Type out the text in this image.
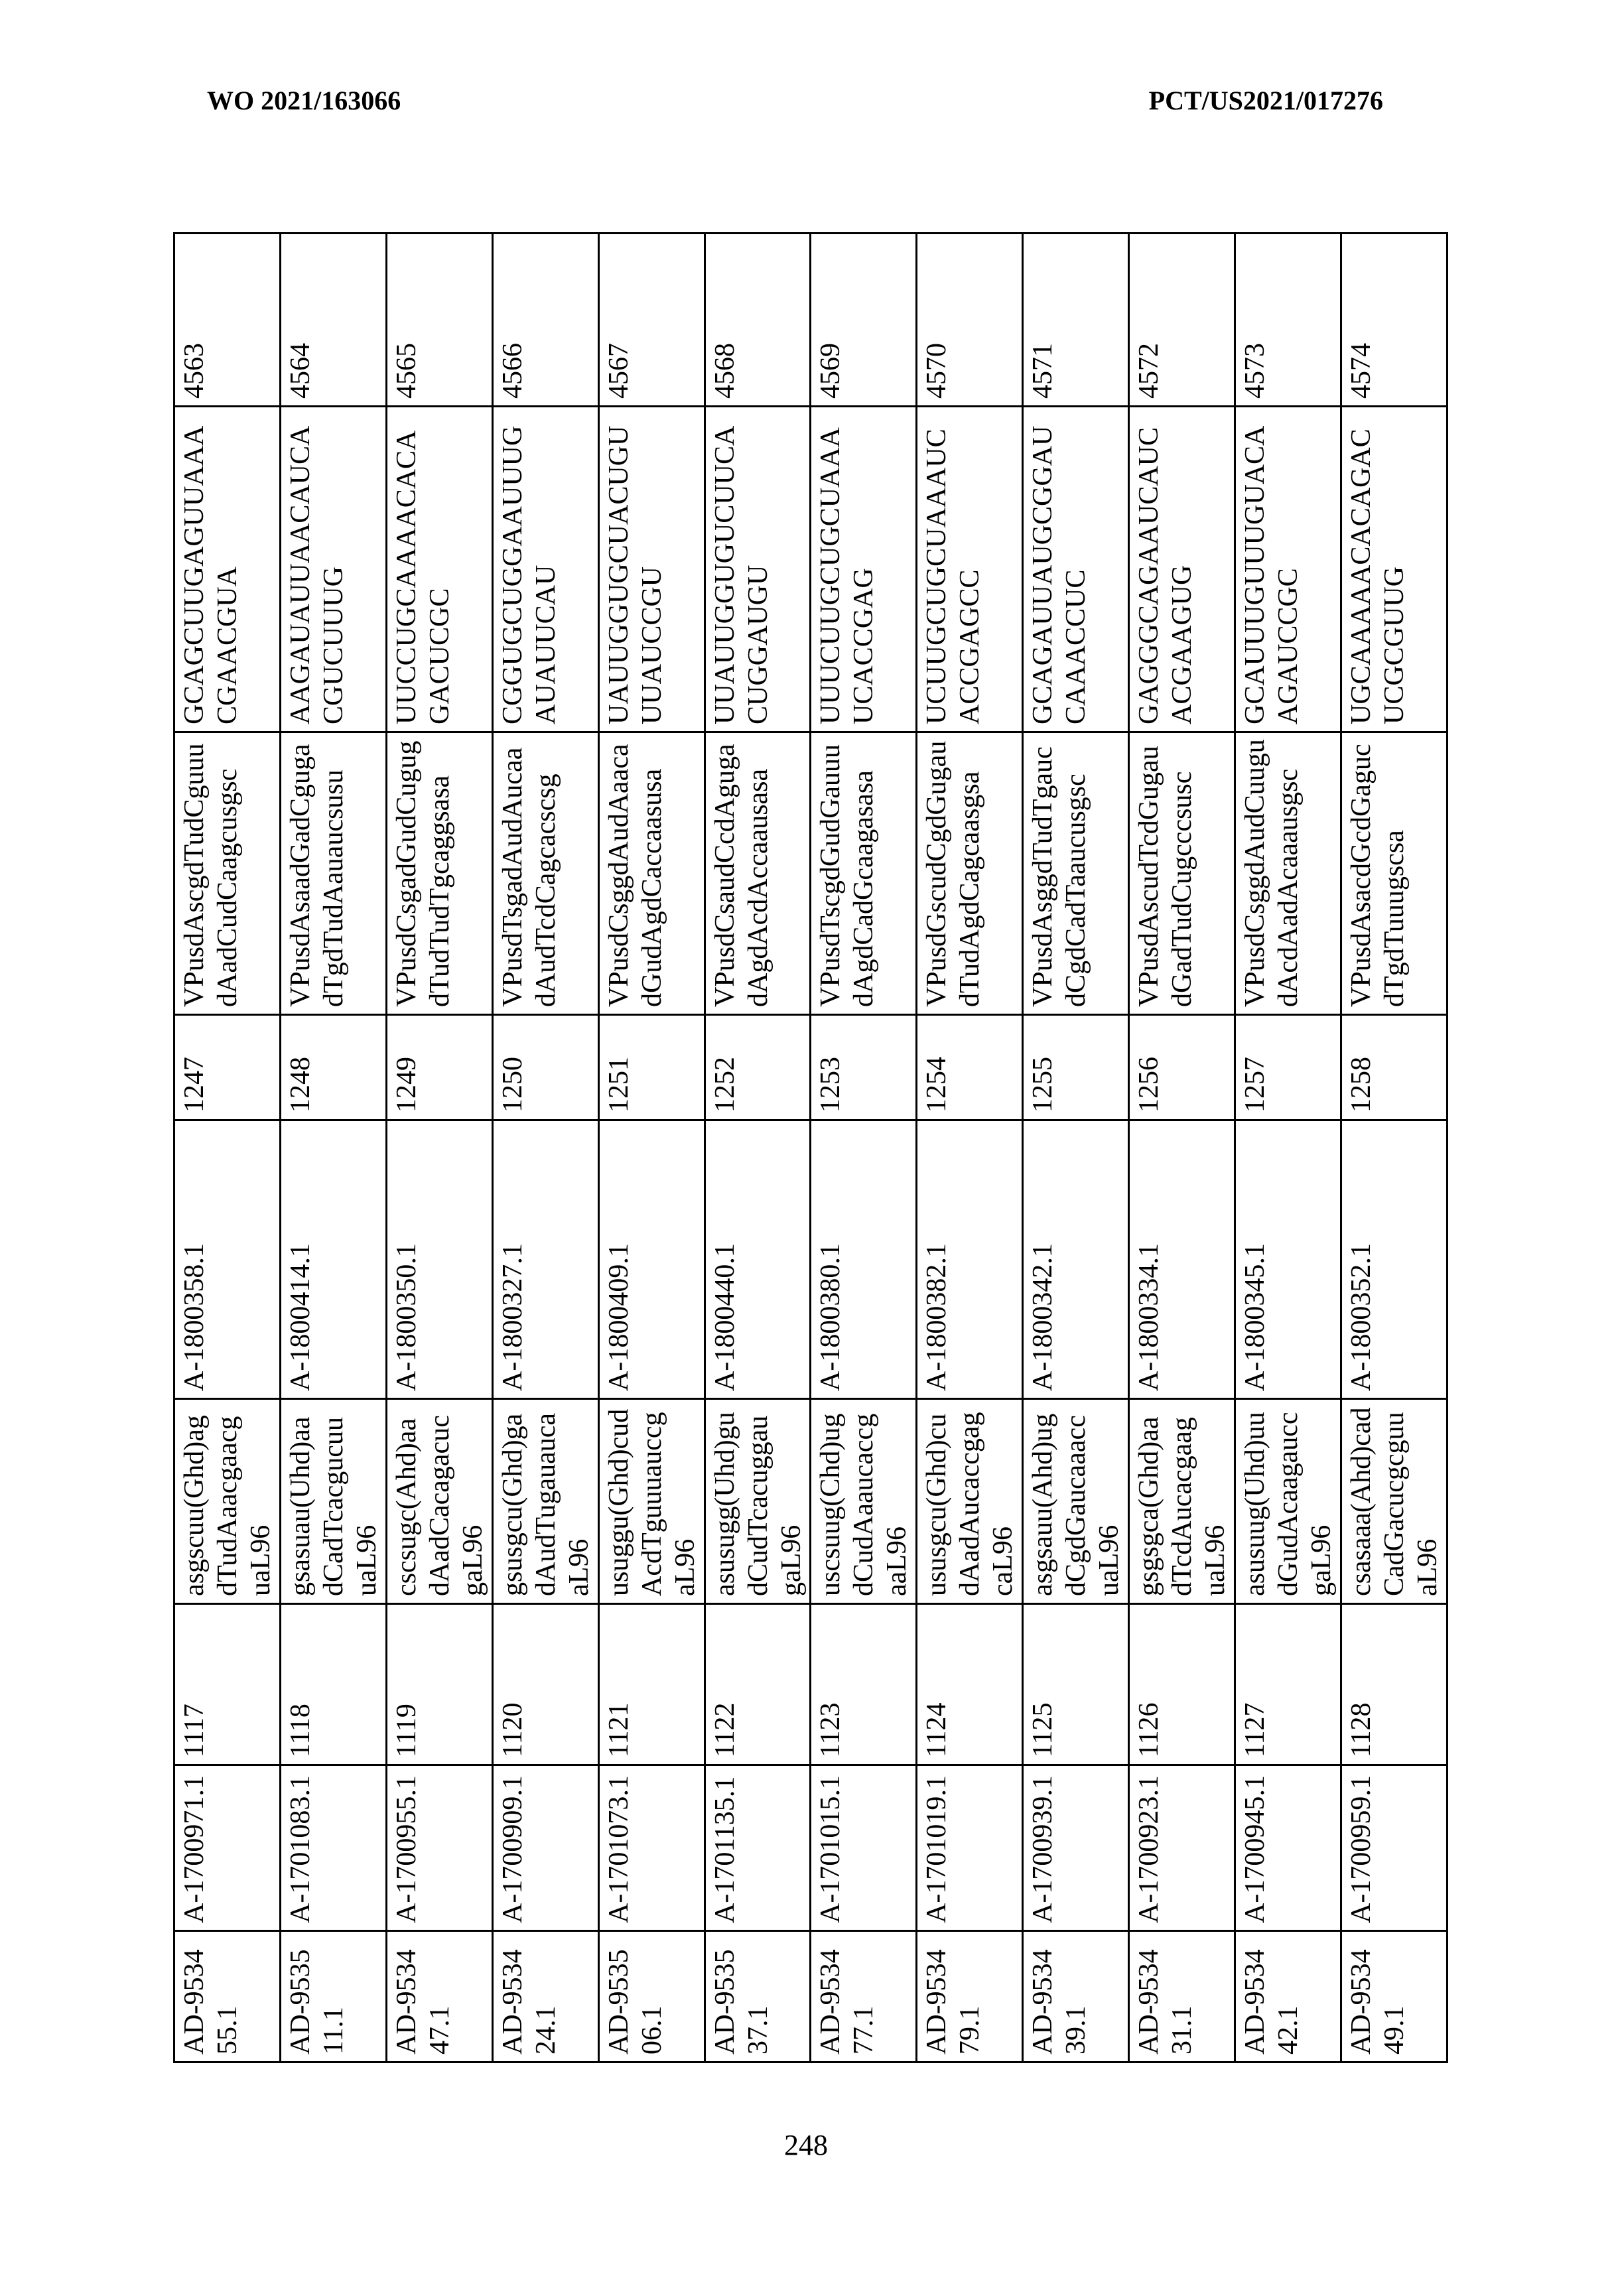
WO 2021/163066	PCT/US2021/017276
AD-953455.1	A-1700971.1	1117	asgscuu(Ghd)agdTudAaacgaacguaL96	A-1800358.1	1247	VPusdAscgdTudCguuudAadCudCaagcusgsc	GCAGCUUGAGUUAAACGAACGUA	4563
AD-953511.1	A-1701083.1	1118	gsasuau(Uhd)aadCadTcacgucuuuaL96	A-1800414.1	1248	VPusdAsaadGadCgugadTgdTudAauaucsusu	AAGAUAUUAACAUCACGUCUUUG	4564
AD-953447.1	A-1700955.1	1119	cscsugc(Ahd)aadAadCacagacucgaL96	A-1800350.1	1249	VPusdCsgadGudCugugdTudTudTgcaggsasa	UUCCUGCAAAACACAGACUCGC	4565
AD-953424.1	A-1700909.1	1120	gsusgcu(Ghd)gadAudTugauaucaaL96	A-1800327.1	1250	VPusdTsgadAudAucaadAudTcdCagcacscsg	CGGUGCUGGAAUUUGAUAUUCAU	4566
AD-953506.1	A-1701073.1	1121	usuggu(Ghd)cudAcdTguuuauccgaL96	A-1800409.1	1251	VPusdCsggdAudAaacadGudAgdCaccaasusa	UAUUGGUGCUACUGUUUAUCCGU	4567
AD-953537.1	A-1701135.1	1122	asusugg(Uhd)gudCudTcacuggaugaL96	A-1800440.1	1252	VPusdCsaudCcdAgugadAgdAcdAccaausasa	UUAUUGGUGUCUUCACUGGAUGU	4568
AD-953477.1	A-1701015.1	1123	uscsuug(Chd)ugdCudAaaucaccgaaL96	A-1800380.1	1253	VPusdTscgdGudGauuudAgdCadGcaagasasa	UUUCUUGCUGCUAAAUCACCGAG	4569
AD-953479.1	A-1701019.1	1124	ususgcu(Ghd)cudAadAucaccgagcaL96	A-1800382.1	1254	VPusdGscudCgdGugaudTudAgdCagcaasgsa	UCUUGCUGCUAAAUCACCGAGCC	4570
AD-953439.1	A-1700939.1	1125	asgsauu(Ahd)ugdCgdGaucaaaccuaL96	A-1800342.1	1255	VPusdAsggdTudTgaucdCgdCadTaaucusgsc	GCAGAUUAUGCGGAUCAAACCUC	4571
AD-953431.1	A-1700923.1	1126	gsgsgca(Ghd)aadTcdAucacgaaguaL96	A-1800334.1	1256	VPusdAscudTcdGugaudGadTudCugcccsusc	GAGGGCAGAAUCAUCACGAAGUG	4572
AD-953442.1	A-1700945.1	1127	asusuug(Uhd)uudGudAcaagauccgaL96	A-1800345.1	1257	VPusdCsggdAudCuugudAcdAadAcaaausgsc	GCAUUUGUUUGUACAAGAUCCGC	4573
AD-953449.1	A-1700959.1	1128	csasaaa(Ahd)cadCadGacucgcguuaL96	A-1800352.1	1258	VPusdAsacdGcdGagucdTgdTuuugscsa	UGCAAAAACACAGACUCGCGUUG	4574
248
